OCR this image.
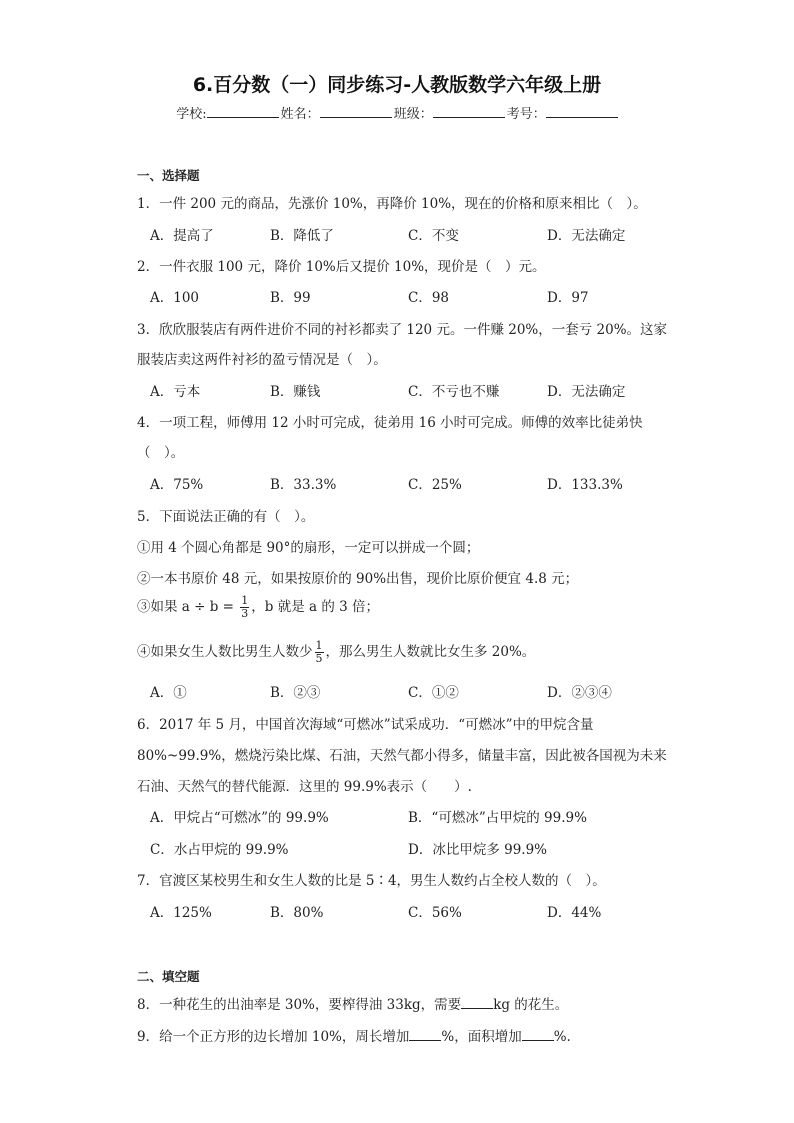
6.百分数（一）同步练习-人教版数学六年级上册
学校:	姓名：	班级：	考号：
一、选择题
1．一件 200 元的商品，先涨价 10%，再降价 10%，现在的价格和原来相比（　）。
A．提高了	B．降低了	C．不变	D．无法确定
2．一件衣服 100 元，降价 10%后又提价 10%，现价是（　）元。
A．100	B．99	C．98	D．97
3．欣欣服装店有两件进价不同的衬衫都卖了 120 元。一件赚 20%，一套亏 20%。这家
服装店卖这两件衬衫的盈亏情况是（　）。
A．亏本	B．赚钱	C．不亏也不赚	D．无法确定
4．一项工程，师傅用 12 小时可完成，徒弟用 16 小时可完成。师傅的效率比徒弟快
（　）。
A．75%	B．33.3%	C．25%	D．133.3%
5．下面说法正确的有（　）。
①用 4 个圆心角都是 90°的扇形，一定可以拼成一个圆；
②一本书原价 48 元，如果按原价的 90%出售，现价比原价便宜 4.8 元；
③如果 $a \div b = \frac{1}{3}$ ，b 就是 a 的 3 倍；
④如果女生人数比男生人数少 $\frac{1}{5}$ ，那么男生人数就比女生多 20%。
A．①	B．②③	C．①②	D．②③④
6．2017 年 5 月，中国首次海域“可燃冰”试采成功．“可燃冰”中的甲烷含量
80%~99.9%，燃烧污染比煤、石油，天然气都小得多，储量丰富，因此被各国视为未来
石油、天然气的替代能源．这里的 99.9%表示（　　）.
A．甲烷占“可燃冰”的 99.9%	B．“可燃冰”占甲烷的 99.9%
C．水占甲烷的 99.9%	D．冰比甲烷多 99.9%
7．官渡区某校男生和女生人数的比是 5∶4，男生人数约占全校人数的（　）。
A．125%	B．80%	C．56%	D．44%
二、填空题
8．一种花生的出油率是 30%，要榨得油 33kg，需要 kg 的花生。
9．给一个正方形的边长增加 10%，周长增加 %，面积增加 %.
